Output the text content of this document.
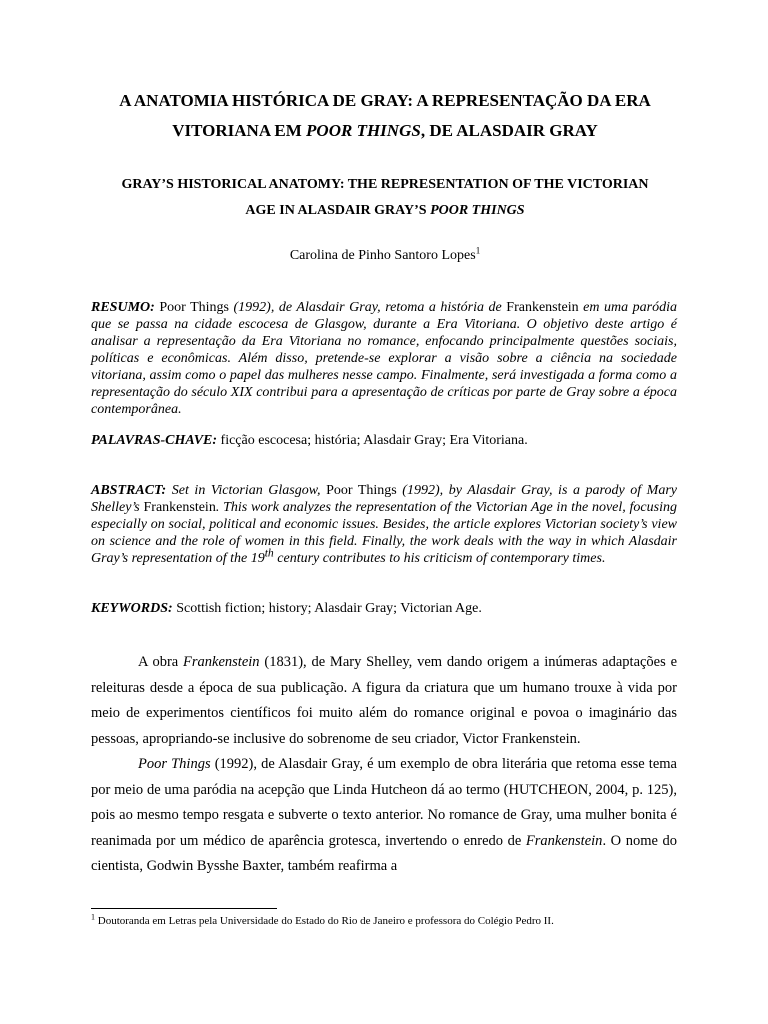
A ANATOMIA HISTÓRICA DE GRAY: A REPRESENTAÇÃO DA ERA
VITORIANA EM POOR THINGS, DE ALASDAIR GRAY
GRAY’S HISTORICAL ANATOMY: THE REPRESENTATION OF THE VICTORIAN
AGE IN ALASDAIR GRAY’S POOR THINGS
Carolina de Pinho Santoro Lopes$^1$
RESUMO: Poor Things (1992), de Alasdair Gray, retoma a história de Frankenstein em uma paródia que se passa na cidade escocesa de Glasgow, durante a Era Vitoriana. O objetivo deste artigo é analisar a representação da Era Vitoriana no romance, enfocando principalmente questões sociais, políticas e econômicas. Além disso, pretende-se explorar a visão sobre a ciência na sociedade vitoriana, assim como o papel das mulheres nesse campo. Finalmente, será investigada a forma como a representação do século XIX contribui para a apresentação de críticas por parte de Gray sobre a época contemporânea.
PALAVRAS-CHAVE: ficção escocesa; história; Alasdair Gray; Era Vitoriana.
ABSTRACT: Set in Victorian Glasgow, Poor Things (1992), by Alasdair Gray, is a parody of Mary Shelley’s Frankenstein. This work analyzes the representation of the Victorian Age in the novel, focusing especially on social, political and economic issues. Besides, the article explores Victorian society’s view on science and the role of women in this field. Finally, the work deals with the way in which Alasdair Gray’s representation of the 19th century contributes to his criticism of contemporary times.
KEYWORDS: Scottish fiction; history; Alasdair Gray; Victorian Age.

A obra Frankenstein (1831), de Mary Shelley, vem dando origem a inúmeras adaptações e releituras desde a época de sua publicação. A figura da criatura que um humano trouxe à vida por meio de experimentos científicos foi muito além do romance original e povoa o imaginário das pessoas, apropriando-se inclusive do sobrenome de seu criador, Victor Frankenstein.

Poor Things (1992), de Alasdair Gray, é um exemplo de obra literária que retoma esse tema por meio de uma paródia na acepção que Linda Hutcheon dá ao termo (HUTCHEON, 2004, p. 125), pois ao mesmo tempo resgata e subverte o texto anterior. No romance de Gray, uma mulher bonita é reanimada por um médico de aparência grotesca, invertendo o enredo de Frankenstein. O nome do cientista, Godwin Bysshe Baxter, também reafirma a

$^1$ Doutoranda em Letras pela Universidade do Estado do Rio de Janeiro e professora do Colégio Pedro II.
